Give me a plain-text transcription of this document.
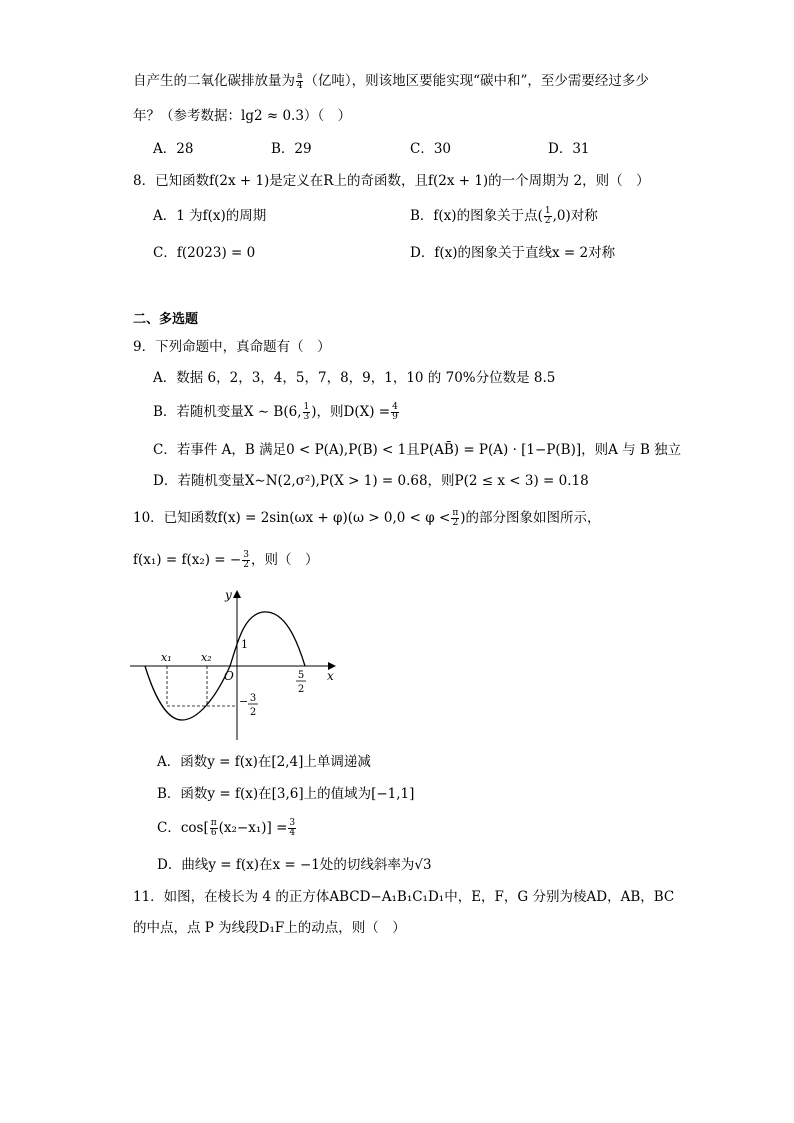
自产生的二氧化碳排放量为 $\frac{a}{4}$ （亿吨），则该地区要能实现“碳中和”，至少需要经过多少
年？（参考数据：lg2 ≈ 0.3）（　）
A．28	B．29	C．30	D．31
8．已知函数f(2x + 1)是定义在R上的奇函数，且f(2x + 1)的一个周期为 2，则（　）
A．1 为f(x)的周期	B．f(x)的图象关于点( $\frac{1}{2} ,0$)对称
C．f(2023) = 0	D．f(x)的图象关于直线x = 2对称
二、多选题
9．下列命题中，真命题有（　）
A．数据 6，2，3，4，5，7，8，9，1，10 的 70%分位数是 8.5
B．若随机变量X ∼ B(6, $\frac{1}{3}$ )，则$D(X) = \frac{4}{9}$
C．若事件 A，B 满足0 < P(A),P(B) < 1且P(AB̄) = P(A) · [1−P(B)]，则A 与 B 独立
D．若随机变量X∼N(2,σ²),P(X > 1) = 0.68，则P(2 ≤ x < 3) = 0.18
10．已知函数$f(x) = 2\sin(\omega x + \varphi)(\omega > 0,0 < \varphi < \frac{\pi}{2}$ )的部分图象如图所示，
f(x₁) = f(x₂) = − $\frac{3}{2}$ ，则（　）
y
x
O
x₁	x₂
1
5
2
− 3
2
A．函数y = f(x)在[2,4]上单调递减
B．函数y = f(x)在[3,6]上的值域为[−1,1]
C．$\cos[ \frac{\pi}{6} (x_2-x_1)] = \frac{3}{4}$
D．曲线y = f(x)在x = −1处的切线斜率为√3
11．如图，在棱长为 4 的正方体ABCD−A₁B₁C₁D₁中，E，F，G 分别为棱AD，AB，BC
的中点，点 P 为线段D₁F上的动点，则（　）
